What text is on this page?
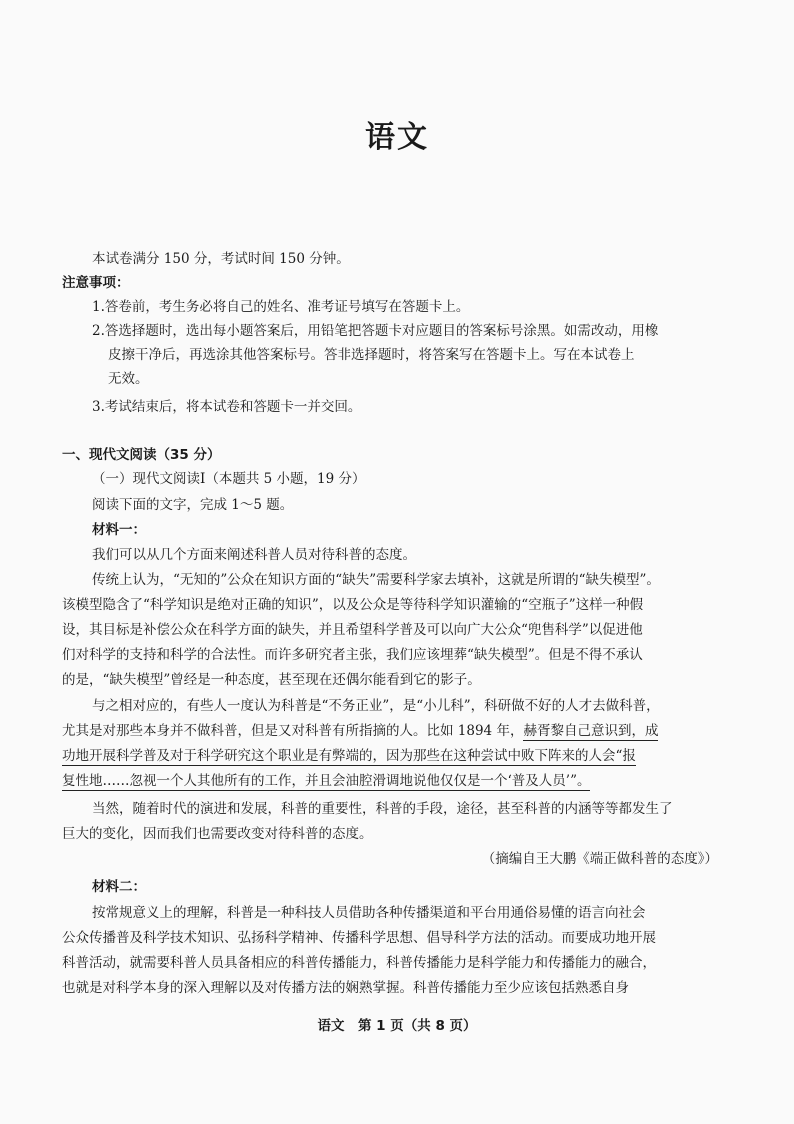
语文
本试卷满分 150 分，考试时间 150 分钟。
注意事项：
1.答卷前，考生务必将自己的姓名、准考证号填写在答题卡上。
2.答选择题时，选出每小题答案后，用铅笔把答题卡对应题目的答案标号涂黑。如需改动，用橡
皮擦干净后，再选涂其他答案标号。答非选择题时，将答案写在答题卡上。写在本试卷上
无效。
3.考试结束后，将本试卷和答题卡一并交回。
一、现代文阅读（35 分）
（一）现代文阅读Ⅰ（本题共 5 小题，19 分）
阅读下面的文字，完成 1～5 题。
材料一：
我们可以从几个方面来阐述科普人员对待科普的态度。
传统上认为，“无知的”公众在知识方面的“缺失”需要科学家去填补，这就是所谓的“缺失模型”。
该模型隐含了“科学知识是绝对正确的知识”，以及公众是等待科学知识灌输的“空瓶子”这样一种假
设，其目标是补偿公众在科学方面的缺失，并且希望科学普及可以向广大公众“兜售科学”以促进他
们对科学的支持和科学的合法性。而许多研究者主张，我们应该埋葬“缺失模型”。但是不得不承认
的是，“缺失模型”曾经是一种态度，甚至现在还偶尔能看到它的影子。
与之相对应的，有些人一度认为科普是“不务正业”，是“小儿科”，科研做不好的人才去做科普，
尤其是对那些本身并不做科普，但是又对科普有所指摘的人。比如 1894 年，赫胥黎自己意识到，成
功地开展科学普及对于科学研究这个职业是有弊端的，因为那些在这种尝试中败下阵来的人会“报
复性地……忽视一个人其他所有的工作，并且会油腔滑调地说他仅仅是一个‘普及人员’”。
当然，随着时代的演进和发展，科普的重要性，科普的手段，途径，甚至科普的内涵等等都发生了
巨大的变化，因而我们也需要改变对待科普的态度。
（摘编自王大鹏《端正做科普的态度》）
材料二：
按常规意义上的理解，科普是一种科技人员借助各种传播渠道和平台用通俗易懂的语言向社会
公众传播普及科学技术知识、弘扬科学精神、传播科学思想、倡导科学方法的活动。而要成功地开展
科普活动，就需要科普人员具备相应的科普传播能力，科普传播能力是科学能力和传播能力的融合，
也就是对科学本身的深入理解以及对传播方法的娴熟掌握。科普传播能力至少应该包括熟悉自身
语文　第 1 页（共 8 页）
